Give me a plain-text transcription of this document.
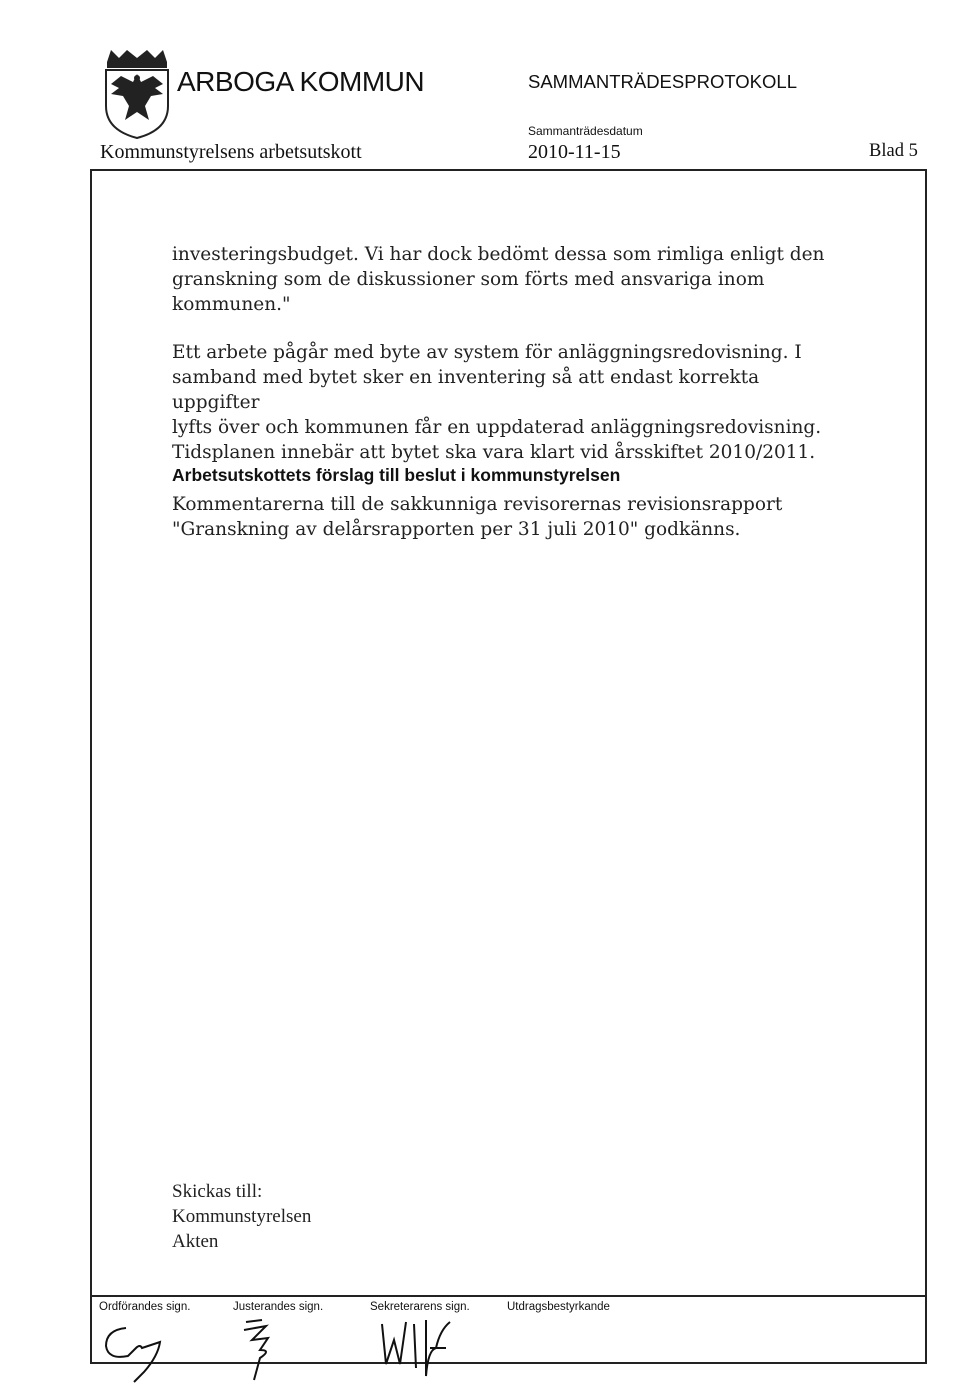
ARBOGA KOMMUN	SAMMANTRÄDESPROTOKOLL
Sammanträdesdatum
Kommunstyrelsens arbetsutskott	2010-11-15	Blad 5

investeringsbudget. Vi har dock bedömt dessa som rimliga enligt den

granskning som de diskussioner som förts med ansvariga inom

kommunen."

Ett arbete pågår med byte av system för anläggningsredovisning. I

samband med bytet sker en inventering så att endast korrekta uppgifter

lyfts över och kommunen får en uppdaterad anläggningsredovisning.

Tidsplanen innebär att bytet ska vara klart vid årsskiftet 2010/2011.

Arbetsutskottets förslag till beslut i kommunstyrelsen

Kommentarerna till de sakkunniga revisorernas revisionsrapport

"Granskning av delårsrapporten per 31 juli 2010" godkänns.

Skickas till:

Kommunstyrelsen

Akten

Ordförandes sign.	Justerandes sign.	Sekreterarens sign.	Utdragsbestyrkande
